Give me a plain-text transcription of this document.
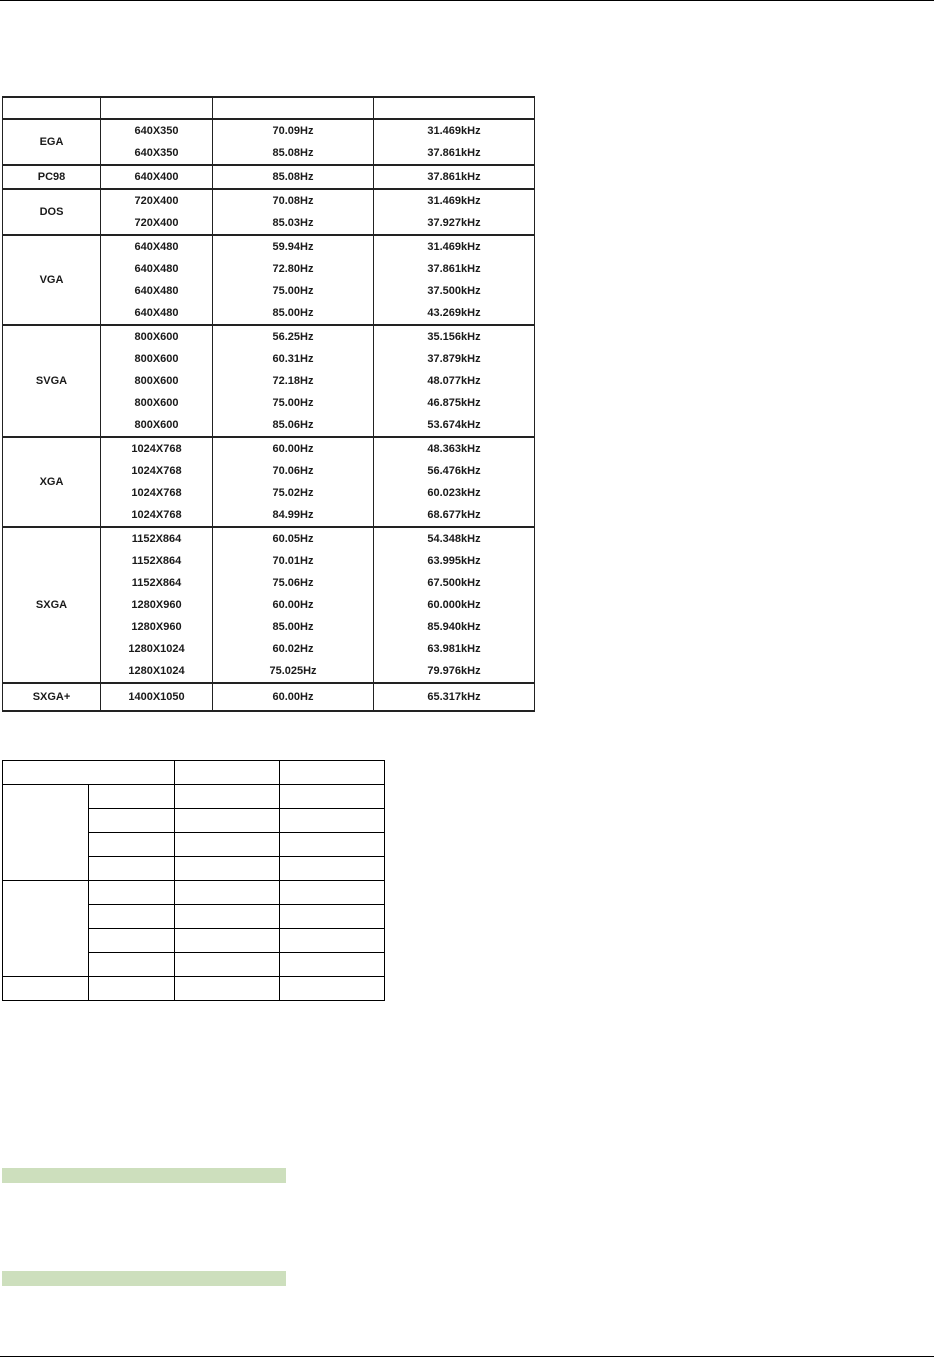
EGA	640X350	70.09Hz	31.469kHz
	640X350	85.08Hz	37.861kHz
PC98	640X400	85.08Hz	37.861kHz
DOS	720X400	70.08Hz	31.469kHz
	720X400	85.03Hz	37.927kHz
VGA	640X480	59.94Hz	31.469kHz
	640X480	72.80Hz	37.861kHz
	640X480	75.00Hz	37.500kHz
	640X480	85.00Hz	43.269kHz
SVGA	800X600	56.25Hz	35.156kHz
	800X600	60.31Hz	37.879kHz
	800X600	72.18Hz	48.077kHz
	800X600	75.00Hz	46.875kHz
	800X600	85.06Hz	53.674kHz
XGA	1024X768	60.00Hz	48.363kHz
	1024X768	70.06Hz	56.476kHz
	1024X768	75.02Hz	60.023kHz
	1024X768	84.99Hz	68.677kHz
SXGA	1152X864	60.05Hz	54.348kHz
	1152X864	70.01Hz	63.995kHz
	1152X864	75.06Hz	67.500kHz
	1280X960	60.00Hz	60.000kHz
	1280X960	85.00Hz	85.940kHz
	1280X1024	60.02Hz	63.981kHz
	1280X1024	75.025Hz	79.976kHz
SXGA+	1400X1050	60.00Hz	65.317kHz
